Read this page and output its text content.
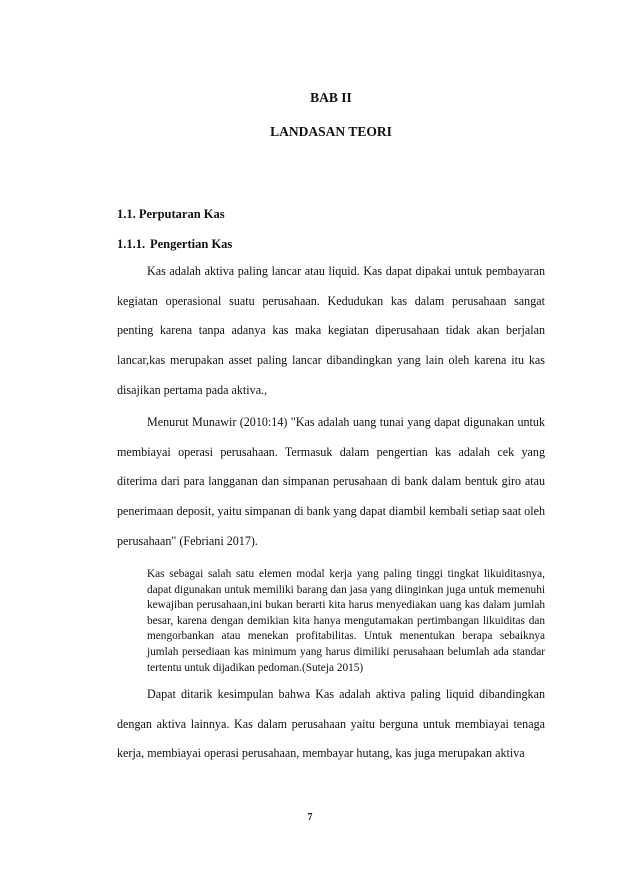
BAB II
LANDASAN TEORI
1.1. Perputaran Kas
1.1.1. Pengertian Kas

Kas adalah aktiva paling lancar atau liquid. Kas dapat dipakai untuk pembayaran kegiatan operasional suatu perusahaan. Kedudukan kas dalam perusahaan sangat penting karena tanpa adanya kas maka kegiatan diperusahaan tidak akan berjalan lancar,kas merupakan asset paling lancar dibandingkan yang lain oleh karena itu kas disajikan pertama pada aktiva.,

Menurut Munawir (2010:14) "Kas adalah uang tunai yang dapat digunakan untuk membiayai operasi perusahaan. Termasuk dalam pengertian kas adalah cek yang diterima dari para langganan dan simpanan perusahaan di bank dalam bentuk giro atau penerimaan deposit, yaitu simpanan di bank yang dapat diambil kembali setiap saat oleh perusahaan" (Febriani 2017).

Kas sebagai salah satu elemen modal kerja yang paling tinggi tingkat likuiditasnya, dapat digunakan untuk memiliki barang dan jasa yang diinginkan juga untuk memenuhi kewajiban perusahaan,ini bukan berarti kita harus menyediakan uang kas dalam jumlah besar, karena dengan demikian kita hanya mengutamakan pertimbangan likuiditas dan mengorbankan atau menekan profitabilitas. Untuk menentukan berapa sebaiknya jumlah persediaan kas minimum yang harus dimiliki perusahaan belumlah ada standar tertentu untuk dijadikan pedoman.(Suteja 2015)

Dapat ditarik kesimpulan bahwa Kas adalah aktiva paling liquid dibandingkan dengan aktiva lainnya. Kas dalam perusahaan yaitu berguna untuk membiayai tenaga kerja, membiayai operasi perusahaan, membayar hutang, kas juga merupakan aktiva

7
